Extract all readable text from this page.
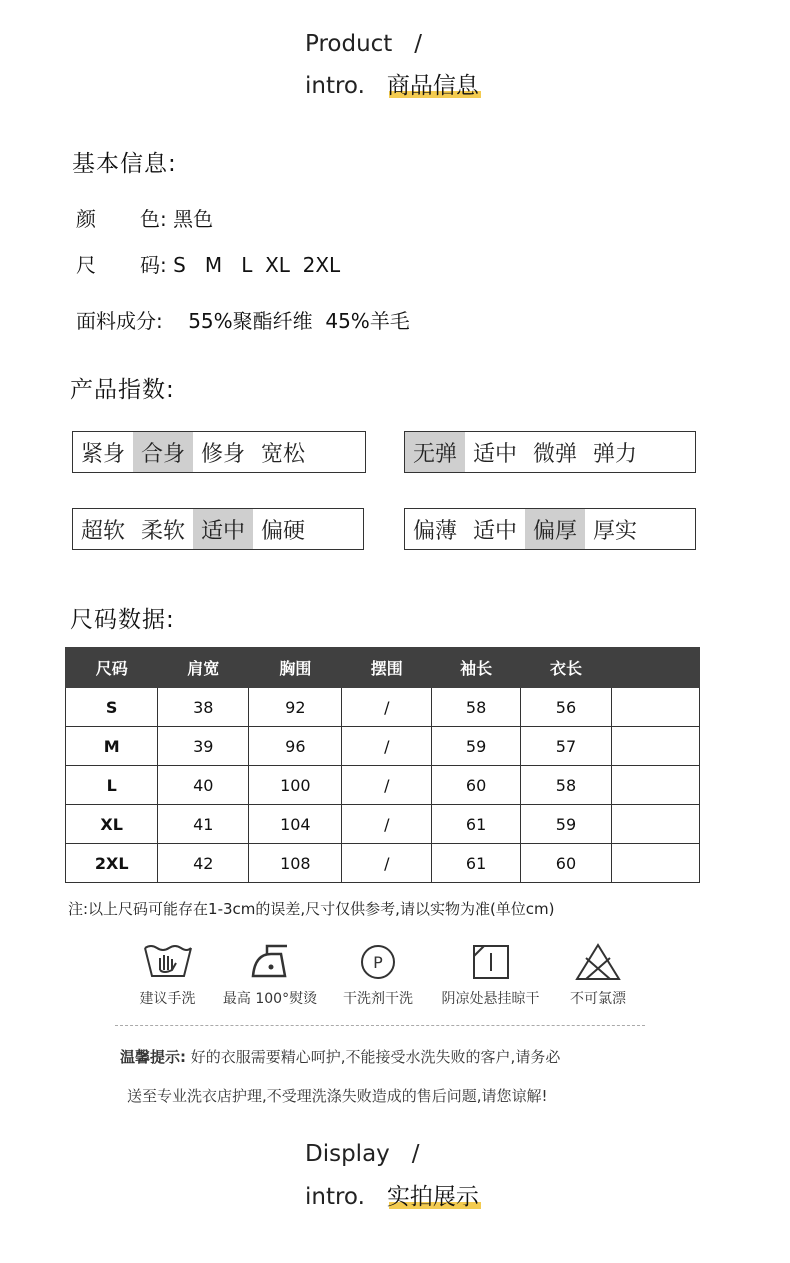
Product /
intro. 商品信息
基本信息:
颜 色: 黑色
尺 码: S   M   L  XL  2XL
面料成分: 55%聚酯纤维 45%羊毛
产品指数:
紧身 合身 修身 宽松	无弹 适中 微弹 弹力
超软 柔软 适中 偏硬	偏薄 适中 偏厚 厚实
尺码数据:
尺码	肩宽	胸围	摆围	袖长	衣长	
S	38	92	/	58	56	
M	39	96	/	59	57	
L	40	100	/	60	58	
XL	41	104	/	61	59	
2XL	42	108	/	61	60	
注:以上尺码可能存在1-3cm的误差,尺寸仅供参考,请以实物为准(单位cm)
建议手洗	最高 100°熨烫
P
干洗剂干洗	阴凉处悬挂晾干	不可氯漂
温馨提示: 好的衣服需要精心呵护,不能接受水洗失败的客户,请务必
送至专业洗衣店护理,不受理洗涤失败造成的售后问题,请您谅解!
Display /
intro. 实拍展示
